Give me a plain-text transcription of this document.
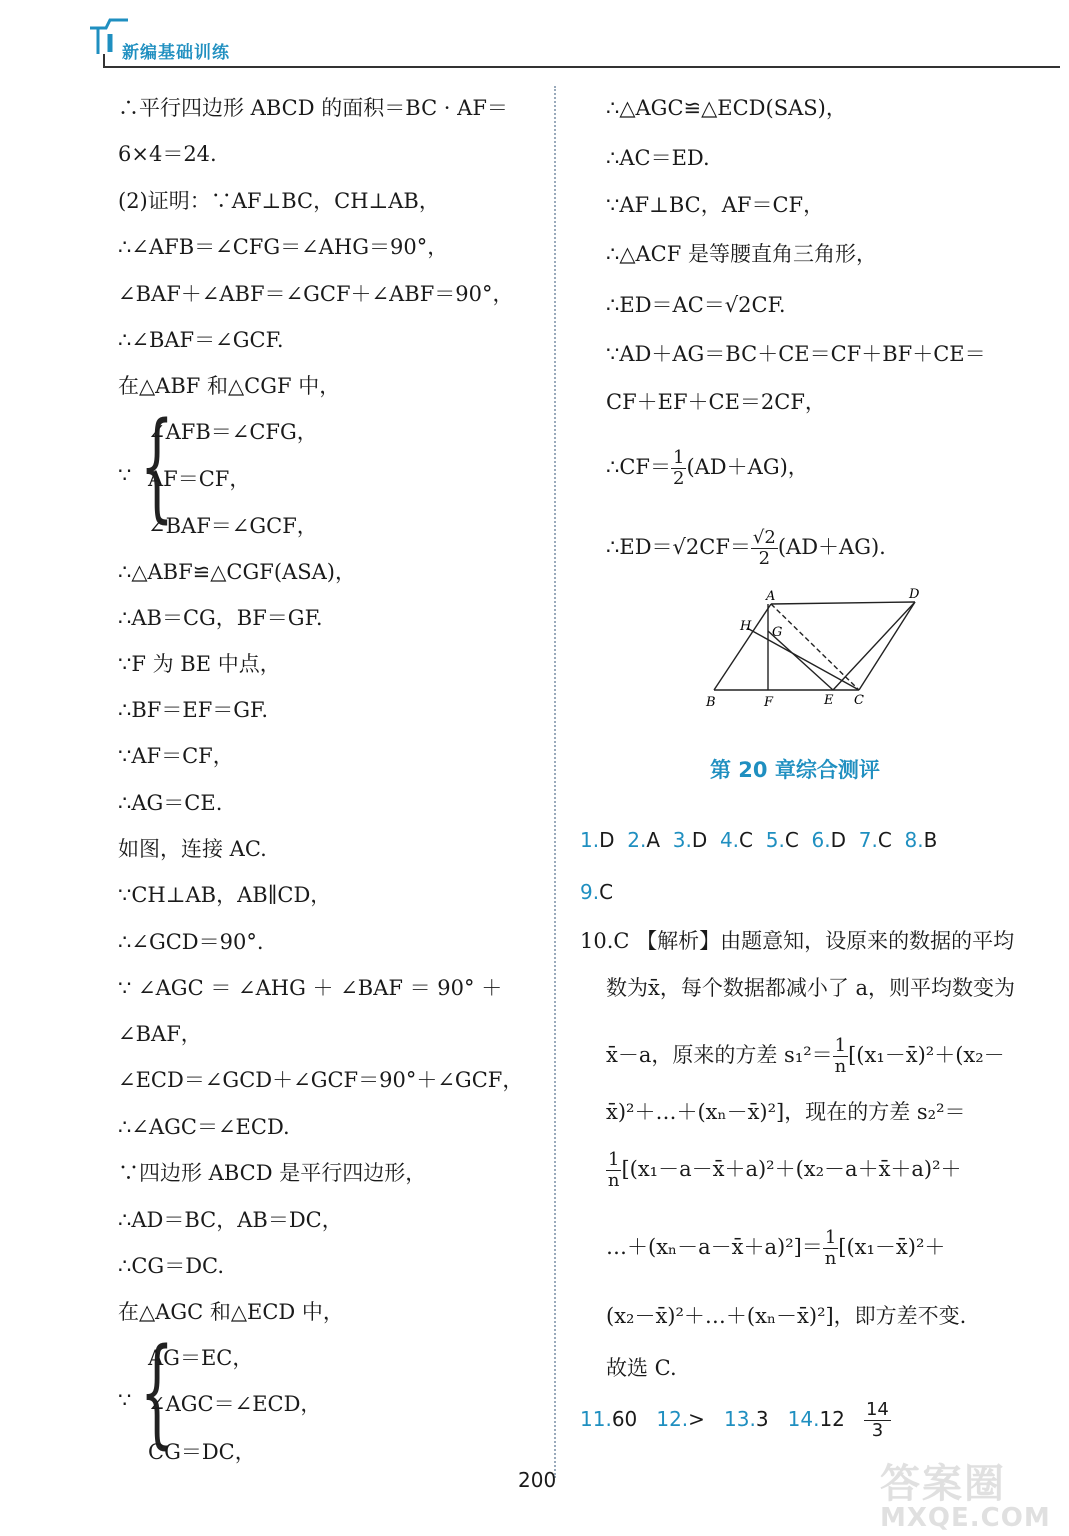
新编基础训练
∴平行四边形 ABCD 的面积＝BC · AF＝
6×4＝24.
(2)证明：∵AF⊥BC，CH⊥AB，
∴∠AFB＝∠CFG＝∠AHG＝90°，
∠BAF＋∠ABF＝∠GCF＋∠ABF＝90°，
∴∠BAF＝∠GCF.
在△ABF 和△CGF 中，
{
∠AFB＝∠CFG，
∵ AF＝CF，
∠BAF＝∠GCF，
∴△ABF≌△CGF(ASA)，
∴AB＝CG，BF＝GF.
∵F 为 BE 中点，
∴BF＝EF＝GF.
∵AF＝CF，
∴AG＝CE.
如图，连接 AC.
∵CH⊥AB，AB∥CD，
∴∠GCD＝90°.
∵ ∠AGC ＝ ∠AHG ＋ ∠BAF ＝ 90° ＋
∠BAF，
∠ECD＝∠GCD＋∠GCF＝90°＋∠GCF，
∴∠AGC＝∠ECD.
∵四边形 ABCD 是平行四边形，
∴AD＝BC，AB＝DC，
∴CG＝DC.
在△AGC 和△ECD 中，
{
AG＝EC，
∵ ∠AGC＝∠ECD，
CG＝DC，
∴△AGC≌△ECD(SAS)，
∴AC＝ED.
∵AF⊥BC，AF＝CF，
∴△ACF 是等腰直角三角形，
∴ED＝AC＝√2CF.
∵AD＋AG＝BC＋CE＝CF＋BF＋CE＝
CF＋EF＋CE＝2CF，
∴CF＝ $\frac{1}{2} (AD+AG)$，
∴ED＝√2CF＝ $\frac{√2}{2} (AD+AG)$.
A	D
H G
B	F	E C
第 20 章综合测评
1.D 2.A 3.D 4.C 5.C 6.D 7.C 8.B
9.C
10.C 【解析】由题意知，设原来的数据的平均
数为x̄，每个数据都减小了 a，则平均数变为
x̄－a，原来的方差 $s_1^2= \frac{1}{n}$ [(x₁－x̄)²＋(x₂－
x̄)²＋…＋(xₙ－x̄)²]，现在的方差 s₂²＝
$\frac{1}{n}$ [(x₁－a－x̄＋a)²＋(x₂－a＋x̄＋a)²＋
…＋(xₙ－a－x̄＋a)²]＝ $\frac{1}{n}$ [(x₁－x̄)²＋
(x₂－x̄)²＋…＋(xₙ－x̄)²]，即方差不变.
故选 C.
11.60 12.> 13.3 $14.12 \frac{14}{3}$
200	答案圈
MXQE.COM
